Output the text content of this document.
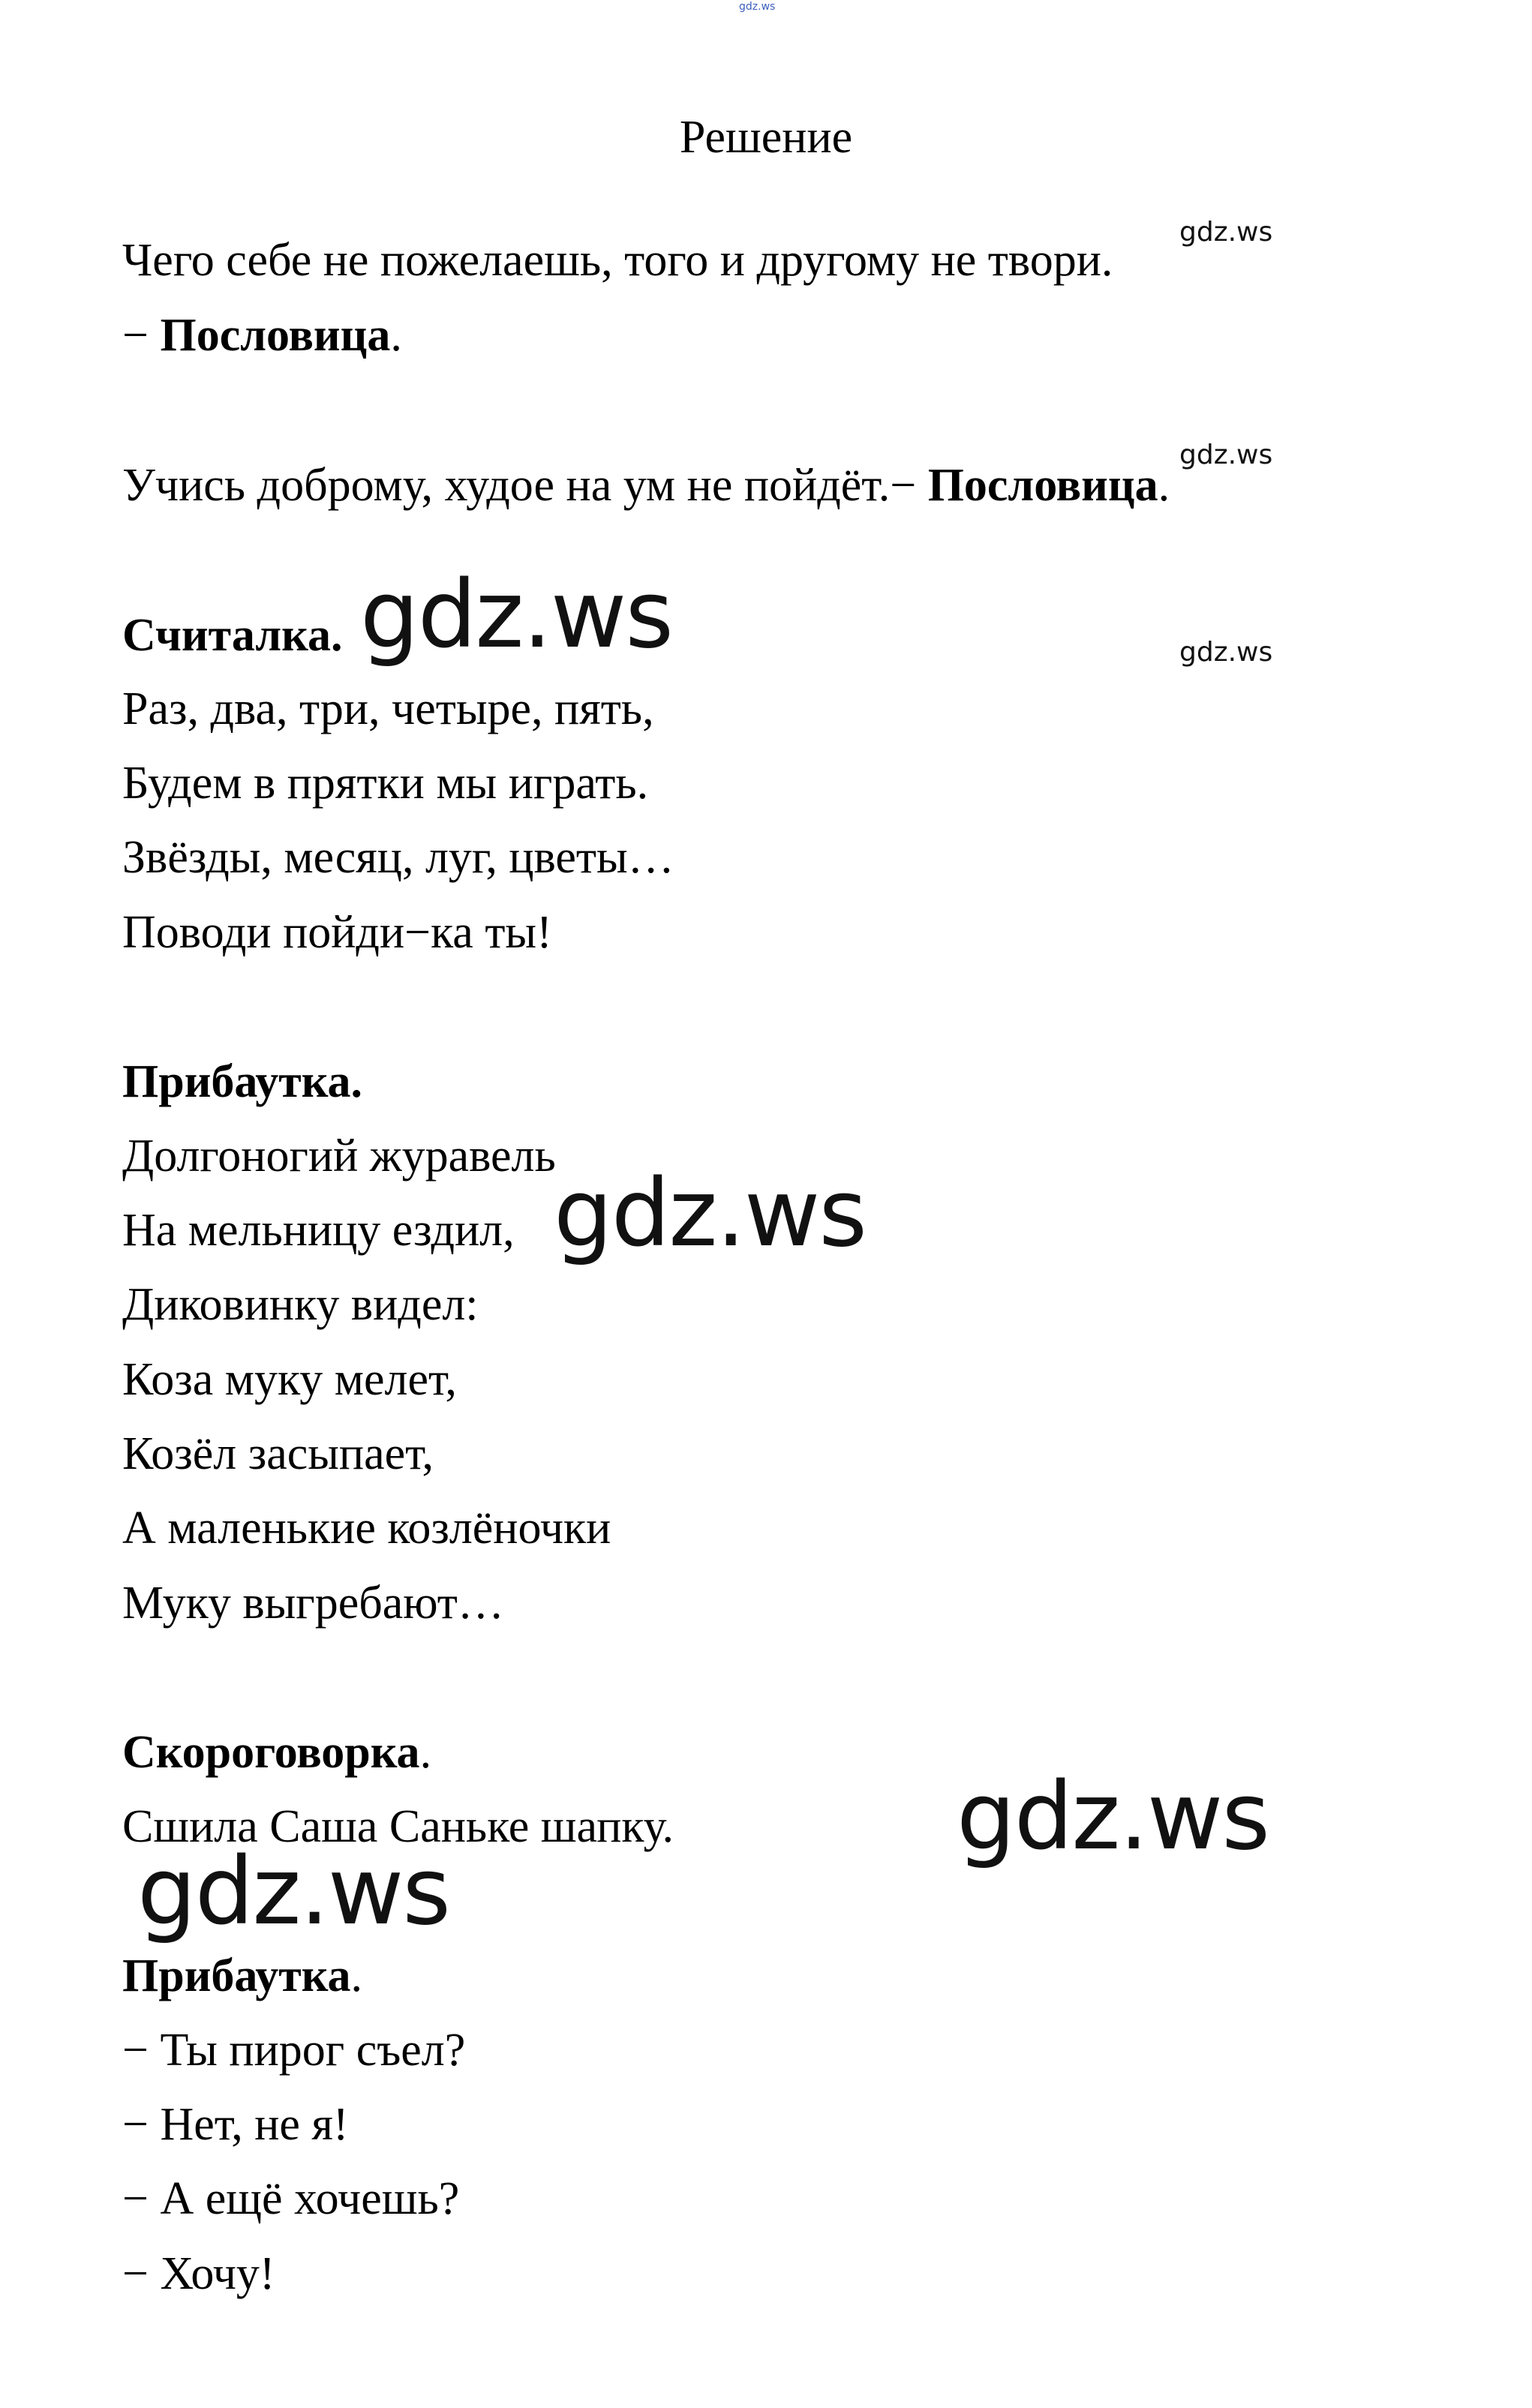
gdz.ws
Решение
Чего себе не пожелаешь, того и другому не твори.
gdz.ws
− Пословица.
gdz.ws
Учись доброму, худое на ум не пойдёт.− Пословица.
Считалка. gdz.ws	gdz.ws
Раз, два, три, четыре, пять,
Будем в прятки мы играть.
Звёзды, месяц, луг, цветы…
Поводи пойди−ка ты!
Прибаутка.
Долгоногий журавель
На мельницу ездил, gdz.ws
Диковинку видел:
Коза муку мелет,
Козёл засыпает,
А маленькие козлёночки
Муку выгребают…
Скороговорка.
Сшила Саша Саньке шапку.	gdz.ws
gdz.ws
Прибаутка.
− Ты пирог съел?
− Нет, не я!
− А ещё хочешь?
− Хочу!
